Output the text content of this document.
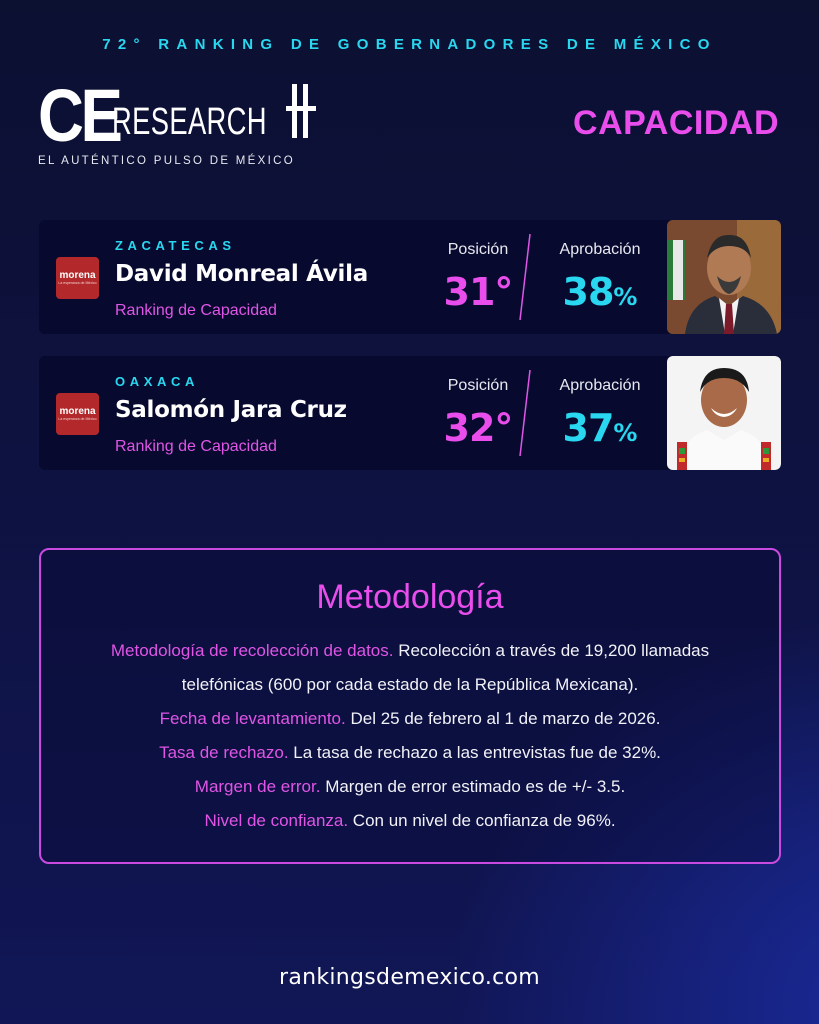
72° RANKING DE GOBERNADORES DE MÉXICO
CE
RESEARCH
EL AUTÉNTICO PULSO DE MÉXICO
CAPACIDAD
morena
La esperanza de México
ZACATECAS
David Monreal Ávila
Ranking de Capacidad
Posición
31°
Aprobación
38%
morena
La esperanza de México
OAXACA
Salomón Jara Cruz
Ranking de Capacidad
Posición
32°
Aprobación
37%
Metodología
Metodología de recolección de datos. Recolección a través de 19,200 llamadas
telefónicas (600 por cada estado de la República Mexicana).
Fecha de levantamiento. Del 25 de febrero al 1 de marzo de 2026.
Tasa de rechazo. La tasa de rechazo a las entrevistas fue de 32%.
Margen de error. Margen de error estimado es de +/- 3.5.
Nivel de confianza. Con un nivel de confianza de 96%.
rankingsdemexico.com
